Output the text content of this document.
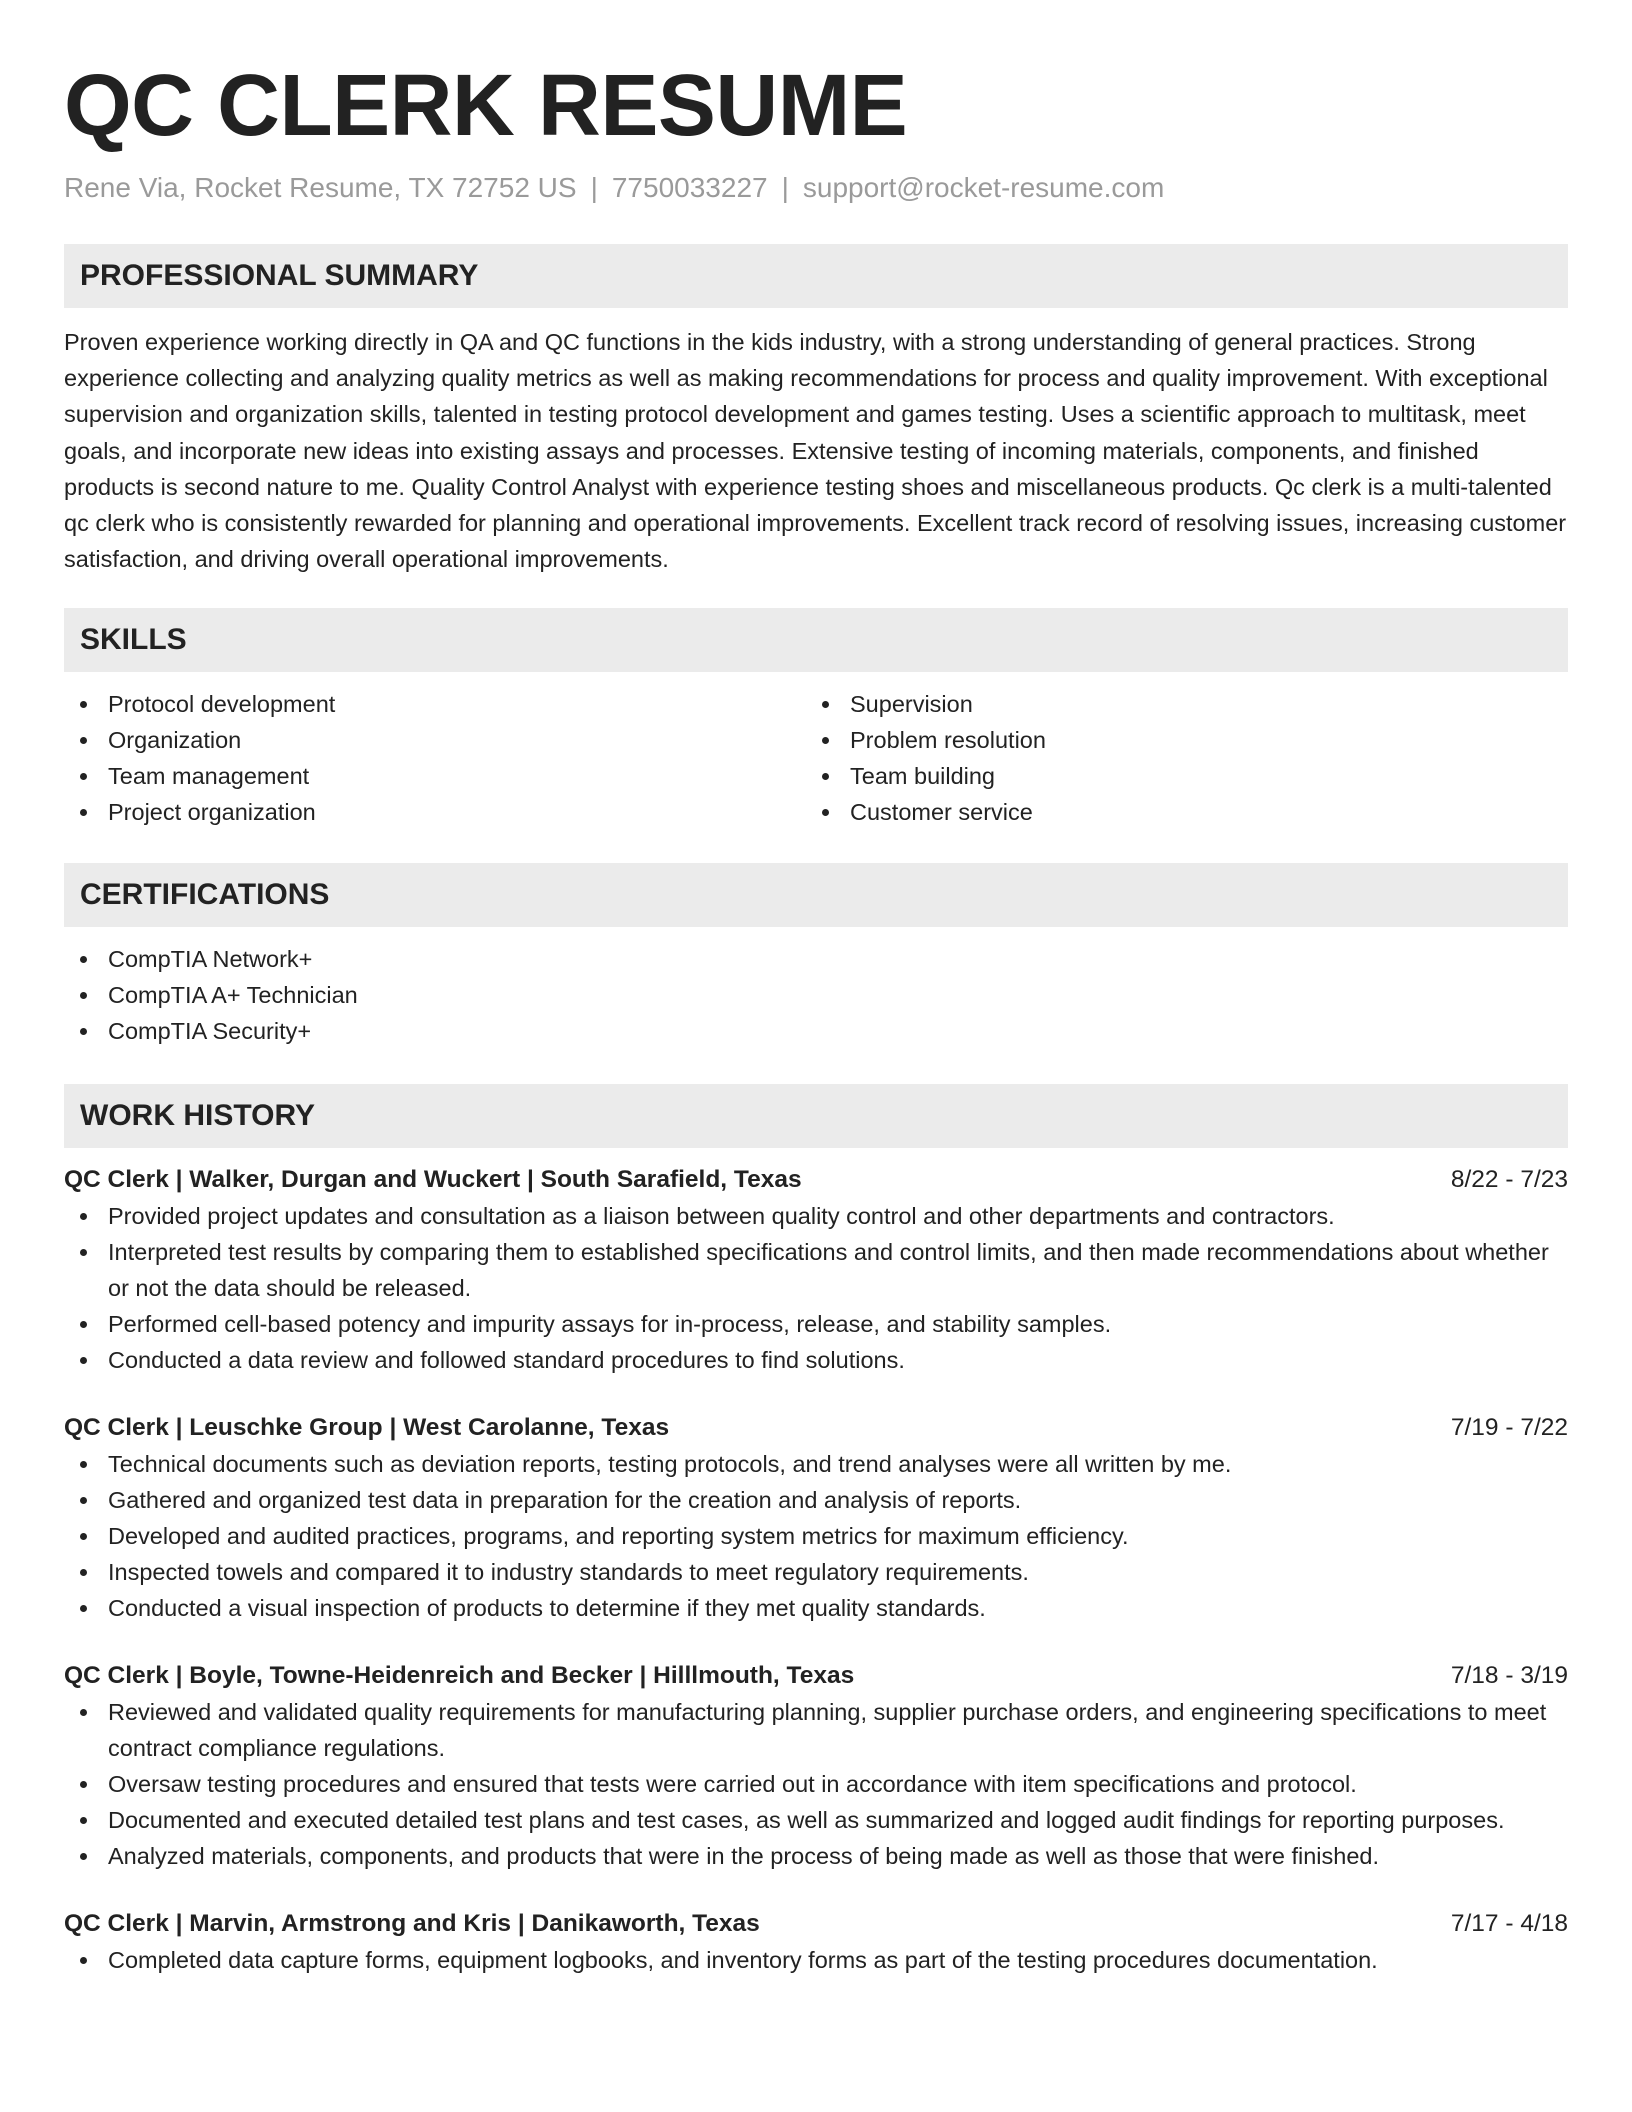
QC CLERK RESUME
Rene Via, Rocket Resume, TX 72752 US | 7750033227 | support@rocket-resume.com
PROFESSIONAL SUMMARY

Proven experience working directly in QA and QC functions in the kids industry, with a strong understanding of general practices. Strong experience collecting and analyzing quality metrics as well as making recommendations for process and quality improvement. With exceptional supervision and organization skills, talented in testing protocol development and games testing. Uses a scientific approach to multitask, meet goals, and incorporate new ideas into existing assays and processes. Extensive testing of incoming materials, components, and finished products is second nature to me. Quality Control Analyst with experience testing shoes and miscellaneous products. Qc clerk is a multi-talented qc clerk who is consistently rewarded for planning and operational improvements. Excellent track record of resolving issues, increasing customer satisfaction, and driving overall operational improvements.

SKILLS
Protocol development
Organization
Team management
Project organization
Supervision
Problem resolution
Team building
Customer service
CERTIFICATIONS
CompTIA Network+
CompTIA A+ Technician
CompTIA Security+
WORK HISTORY
QC Clerk | Walker, Durgan and Wuckert | South Sarafield, Texas	8/22 - 7/23
Provided project updates and consultation as a liaison between quality control and other departments and contractors.
Interpreted test results by comparing them to established specifications and control limits, and then made recommendations about whether or not the data should be released.
Performed cell-based potency and impurity assays for in-process, release, and stability samples.
Conducted a data review and followed standard procedures to find solutions.
QC Clerk | Leuschke Group | West Carolanne, Texas	7/19 - 7/22
Technical documents such as deviation reports, testing protocols, and trend analyses were all written by me.
Gathered and organized test data in preparation for the creation and analysis of reports.
Developed and audited practices, programs, and reporting system metrics for maximum efficiency.
Inspected towels and compared it to industry standards to meet regulatory requirements.
Conducted a visual inspection of products to determine if they met quality standards.
QC Clerk | Boyle, Towne-Heidenreich and Becker | Hilllmouth, Texas	7/18 - 3/19
Reviewed and validated quality requirements for manufacturing planning, supplier purchase orders, and engineering specifications to meet contract compliance regulations.
Oversaw testing procedures and ensured that tests were carried out in accordance with item specifications and protocol.
Documented and executed detailed test plans and test cases, as well as summarized and logged audit findings for reporting purposes.
Analyzed materials, components, and products that were in the process of being made as well as those that were finished.
QC Clerk | Marvin, Armstrong and Kris | Danikaworth, Texas	7/17 - 4/18
Completed data capture forms, equipment logbooks, and inventory forms as part of the testing procedures documentation.
